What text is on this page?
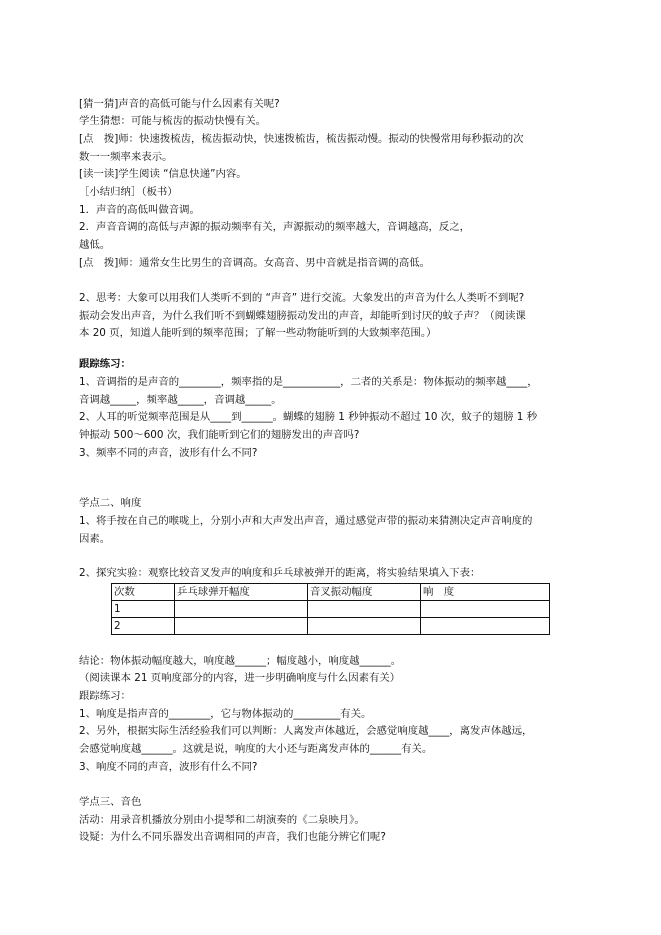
[猜一猜]声音的高低可能与什么因素有关呢?
学生猜想：可能与梳齿的振动快慢有关。
[点　拨]师：快速拨梳齿，梳齿振动快，快速拨梳齿，梳齿振动慢。振动的快慢常用每秒振动的次
数一一频率来表示。
[读一读]学生阅读 “信息快递”内容。
［小结归纳］（板书）
1．声音的高低叫做音调。
2．声音音调的高低与声源的振动频率有关，声源振动的频率越大，音调越高，反之，
越低。
[点　拨]师：通常女生比男生的音调高。女高音、男中音就是指音调的高低。
2、思考：大象可以用我们人类听不到的 “声音” 进行交流。大象发出的声音为什么人类听不到呢?
振动会发出声音，为什么我们听不到蝴蝶翅膀振动发出的声音，却能听到讨厌的蚊子声？（阅读课
本 20 页，知道人能听到的频率范围；了解一些动物能听到的大致频率范围。）
跟踪练习：
1、音调指的是声音的________，频率指的是___________，二者的关系是：物体振动的频率越____，
音调越_____，频率越_____，音调越_____。
2、人耳的听觉频率范围是从____到______。蝴蝶的翅膀 1 秒钟振动不超过 10 次，蚊子的翅膀 1 秒
钟振动 500～600 次，我们能听到它们的翅膀发出的声音吗?
3、频率不同的声音，波形有什么不同?
学点二、响度
1、将手按在自己的喉咙上，分别小声和大声发出声音，通过感觉声带的振动来猜测决定声音响度的
因素。
2、探究实验：观察比较音叉发声的响度和乒乓球被弹开的距离，将实验结果填入下表：
次数	乒乓球弹开幅度	音叉振动幅度	响　度
1			
2			
结论：物体振动幅度越大，响度越______；幅度越小，响度越______。
（阅读课本 21 页响度部分的内容，进一步明确响度与什么因素有关）
跟踪练习：
1、响度是指声音的________，它与物体振动的_________有关。
2、另外，根据实际生活经验我们可以判断：人离发声体越近，会感觉响度越____，离发声体越远，
会感觉响度越______。这就是说，响度的大小还与距离发声体的______有关。
3、响度不同的声音，波形有什么不同?
学点三、音色
活动：用录音机播放分别由小提琴和二胡演奏的《二泉映月》。
设疑：为什么不同乐器发出音调相同的声音，我们也能分辨它们呢?
